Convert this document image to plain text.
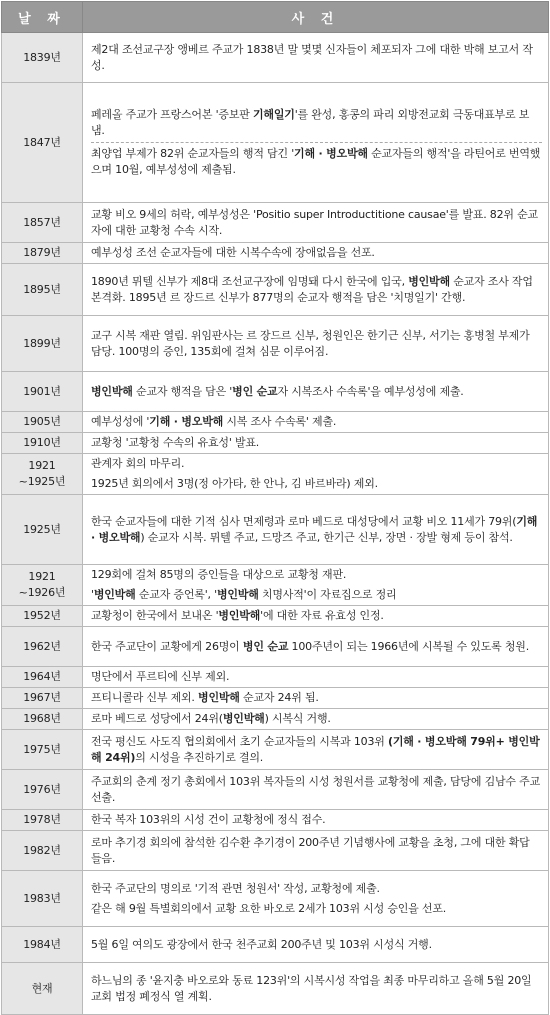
날 짜	사 건
1839년	제2대 조선교구장 앵베르 주교가 1838년 말 몇몇 신자들이 체포되자 그에 대한 박해 보고서 작성.

1847년	페레올 주교가 프랑스어본 '증보판 기해일기'를 완성, 홍콩의 파리 외방전교회 극동대표부로 보냄.
최양업 부제가 82위 순교자들의 행적 담긴 '기해 · 병오박해 순교자들의 행적'을 라틴어로 번역했으며 10월, 예부성성에 제출됨.

1857년	교황 비오 9세의 허락, 예부성성은 'Positio super Introductitione causae'를 발표. 82위 순교자에 대한 교황청 수속 시작.

1879년	예부성성 조선 순교자들에 대한 시복수속에 장애없음을 선포.

1895년	1890년 뮈텔 신부가 제8대 조선교구장에 임명돼 다시 한국에 입국, 병인박해 순교자 조사 작업 본격화. 1895년 르 장드르 신부가 877명의 순교자 행적을 담은 '치명일기' 간행.

1899년	교구 시복 재판 열림. 위임판사는 르 장드르 신부, 청원인은 한기근 신부, 서기는 홍병철 부제가 담당. 100명의 증인, 135회에 걸쳐 심문 이루어짐.

1901년	병인박해 순교자 행적을 담은 '병인 순교자 시복조사 수속록'을 예부성성에 제출.

1905년	예부성성에 '기해 · 병오박해 시복 조사 수속록' 제출.

1910년	교황청 '교황청 수속의 유효성' 발표.

1921
~1925년	관계자 회의 마무리.
1925년 회의에서 3명(정 아가타, 한 안나, 김 바르바라) 제외.

1925년	한국 순교자들에 대한 기적 심사 면제령과 로마 베드로 대성당에서 교황 비오 11세가 79위(기해 · 병오박해) 순교자 시복. 뮈텔 주교, 드망즈 주교, 한기근 신부, 장면 · 장발 형제 등이 참석.

1921
~1926년	129회에 걸쳐 85명의 증인들을 대상으로 교황청 재판.
'병인박해 순교자 증언록', '병인박해 치명사적'이 자료집으로 정리

1952년	교황청이 한국에서 보내온 '병인박해'에 대한 자료 유효성 인정.

1962년	한국 주교단이 교황에게 26명이 병인 순교 100주년이 되는 1966년에 시복될 수 있도록 청원.

1964년	명단에서 푸르티에 신부 제외.

1967년	프티니콜라 신부 제외. 병인박해 순교자 24위 됨.

1968년	로마 베드로 성당에서 24위(병인박해) 시복식 거행.

1975년	전국 평신도 사도직 협의회에서 초기 순교자들의 시복과 103위 (기해 · 병오박해 79위+ 병인박해 24위)의 시성을 추진하기로 결의.

1976년	주교회의 춘계 정기 총회에서 103위 복자들의 시성 청원서를 교황청에 제출, 담당에 김남수 주교 선출.

1978년	한국 복자 103위의 시성 건이 교황청에 정식 접수.

1982년	로마 추기경 회의에 참석한 김수환 추기경이 200주년 기념행사에 교황을 초청, 그에 대한 확답 들음.

1983년	한국 주교단의 명의로 '기적 관면 청원서' 작성, 교황청에 제출.
같은 해 9월 특별회의에서 교황 요한 바오로 2세가 103위 시성 승인을 선포.

1984년	5월 6일 여의도 광장에서 한국 천주교회 200주년 및 103위 시성식 거행.

현재	하느님의 종 '윤지충 바오로와 동료 123위'의 시복시성 작업을 최종 마무리하고 올해 5월 20일 교회 법정 폐정식 열 계획.
